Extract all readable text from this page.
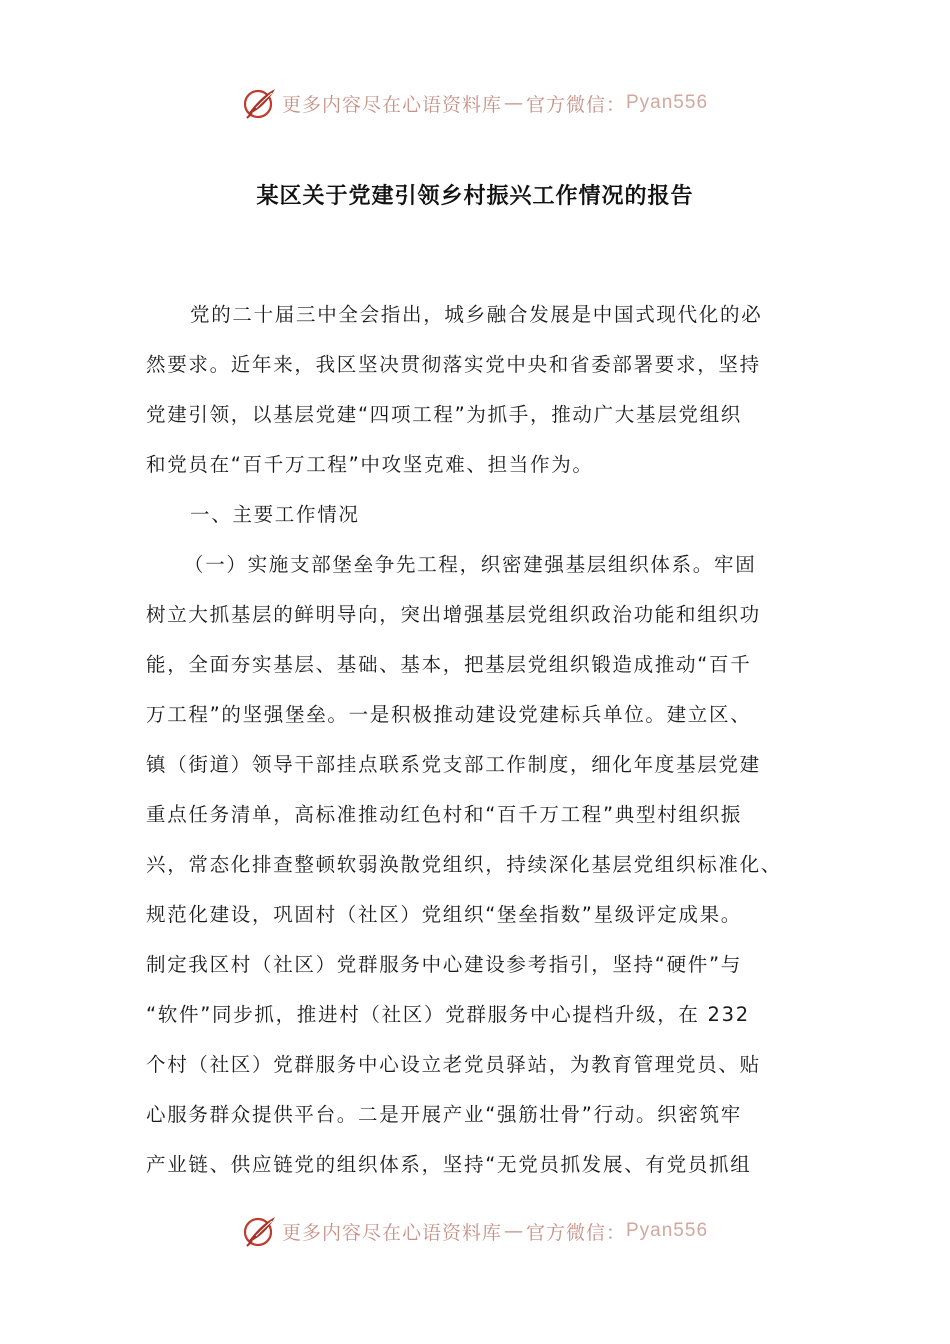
更多内容尽在心语资料库 — 官方微信： Pyan556
某区关于党建引领乡村振兴工作情况的报告
党的二十届三中全会指出，城乡融合发展是中国式现代化的必
然要求。近年来，我区坚决贯彻落实党中央和省委部署要求，坚持
党建引领，以基层党建“四项工程”为抓手，推动广大基层党组织
和党员在“百千万工程”中攻坚克难、担当作为。
一、主要工作情况
（一）实施支部堡垒争先工程，织密建强基层组织体系。牢固
树立大抓基层的鲜明导向，突出增强基层党组织政治功能和组织功
能，全面夯实基层、基础、基本，把基层党组织锻造成推动“百千
万工程”的坚强堡垒。一是积极推动建设党建标兵单位。建立区、
镇（街道）领导干部挂点联系党支部工作制度，细化年度基层党建
重点任务清单，高标准推动红色村和“百千万工程”典型村组织振
兴，常态化排查整顿软弱涣散党组织，持续深化基层党组织标准化、
规范化建设，巩固村（社区）党组织“堡垒指数”星级评定成果。
制定我区村（社区）党群服务中心建设参考指引，坚持“硬件”与
“软件”同步抓，推进村（社区）党群服务中心提档升级，在 232
个村（社区）党群服务中心设立老党员驿站，为教育管理党员、贴
心服务群众提供平台。二是开展产业“强筋壮骨”行动。织密筑牢
产业链、供应链党的组织体系，坚持“无党员抓发展、有党员抓组
更多内容尽在心语资料库 — 官方微信： Pyan556
